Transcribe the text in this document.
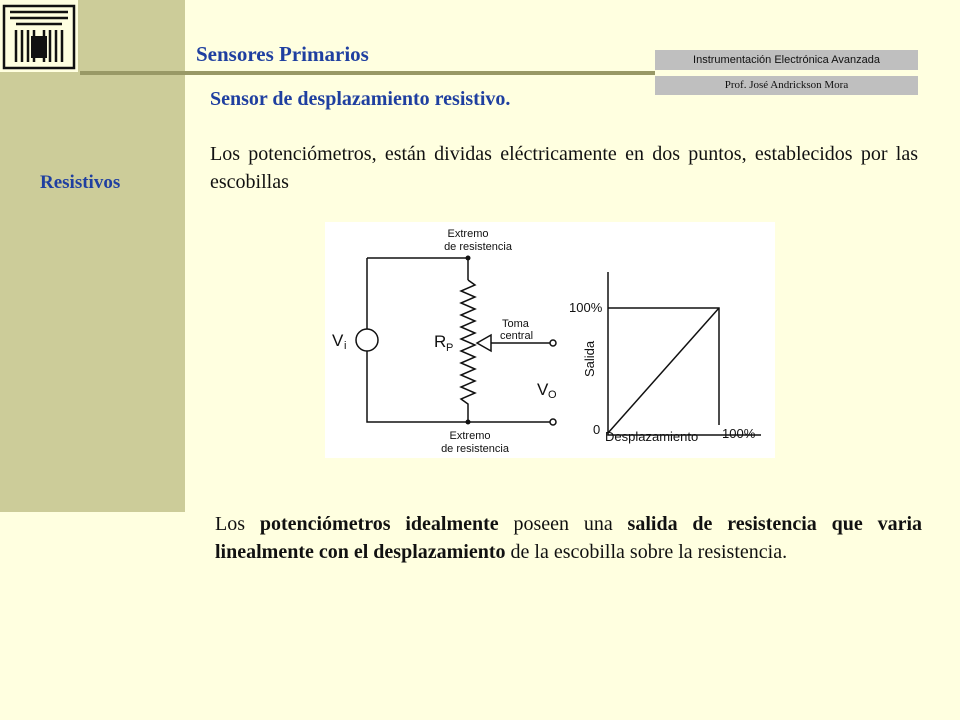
Resistivos
Sensores Primarios	Instrumentación Electrónica Avanzada
Prof. José Andrickson Mora
Sensor de desplazamiento resistivo.
Los potenciómetros, están dividas eléctricamente en dos puntos, establecidos por las escobillas
Extremo
de resistencia
Extremo
de resistencia
V i	R P
Toma
central
V O
100%
0
Salida
Desplazamiento 100%
Los potenciómetros idealmente poseen una salida de resistencia que varia linealmente con el desplazamiento de la escobilla sobre la resistencia.
